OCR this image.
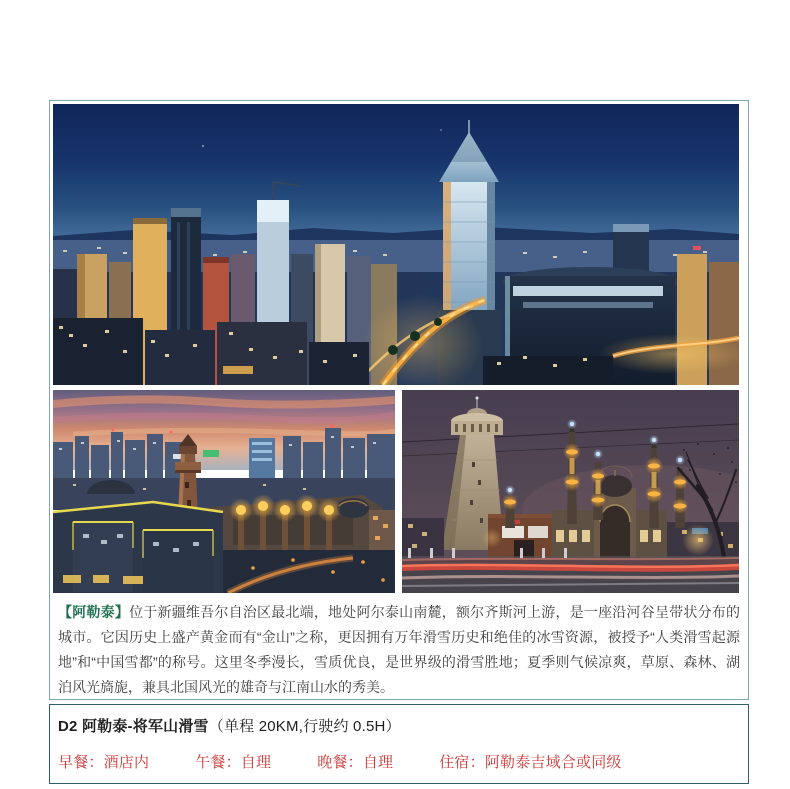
【阿勒泰】位于新疆维吾尔自治区最北端，地处阿尔泰山南麓，额尔齐斯河上游，是一座沿河谷呈带状分布的城市。它因历史上盛产黄金而有“金山”之称，更因拥有万年滑雪历史和绝佳的冰雪资源，被授予“人类滑雪起源地”和“中国雪都”的称号。这里冬季漫长，雪质优良，是世界级的滑雪胜地；夏季则气候凉爽，草原、森林、湖泊风光旖旎，兼具北国风光的雄奇与江南山水的秀美。

D2 阿勒泰-将军山滑雪（单程 20KM,行驶约 0.5H）
早餐：酒店内	午餐：自理	晚餐：自理	住宿：阿勒泰吉域合或同级
